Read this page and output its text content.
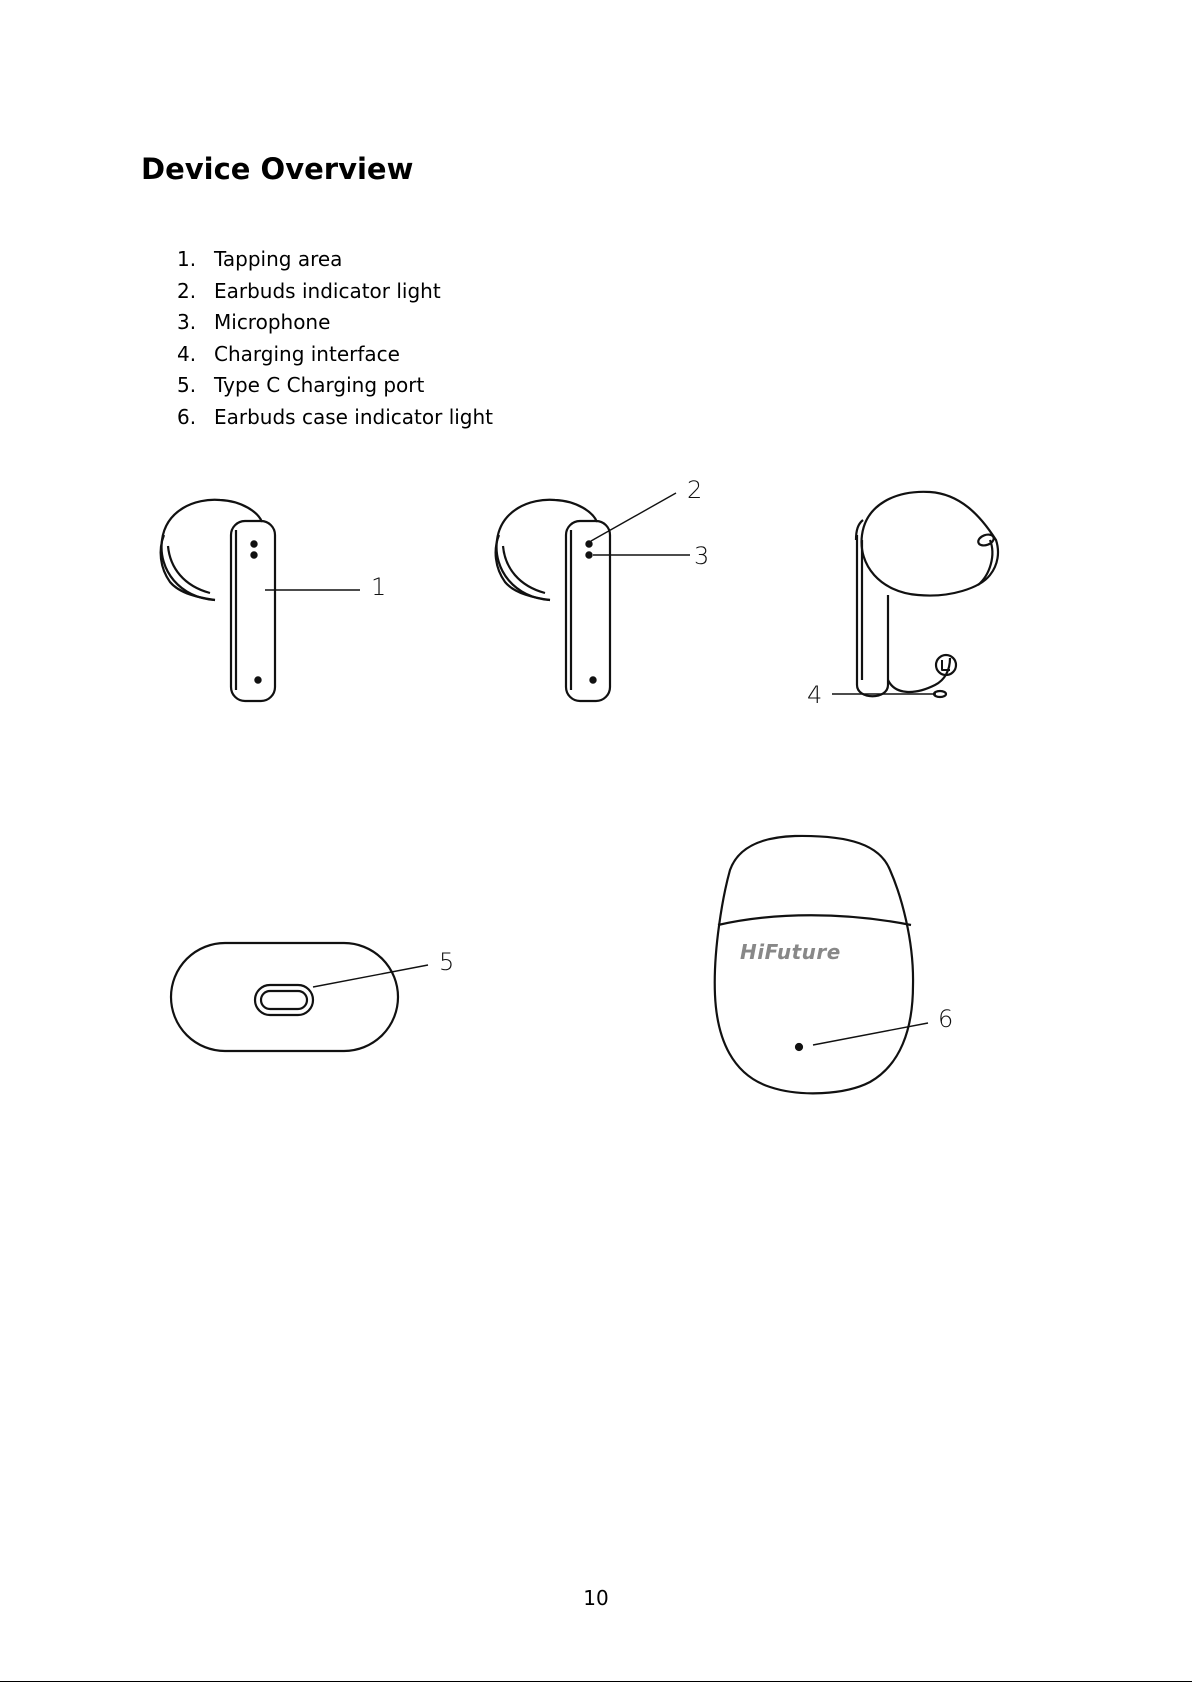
Device Overview
1. Tapping area
2. Earbuds indicator light
3. Microphone
4. Charging interface
5. Type C Charging port
6. Earbuds case indicator light
1
2
3
4
5	HiFuture
6
10
